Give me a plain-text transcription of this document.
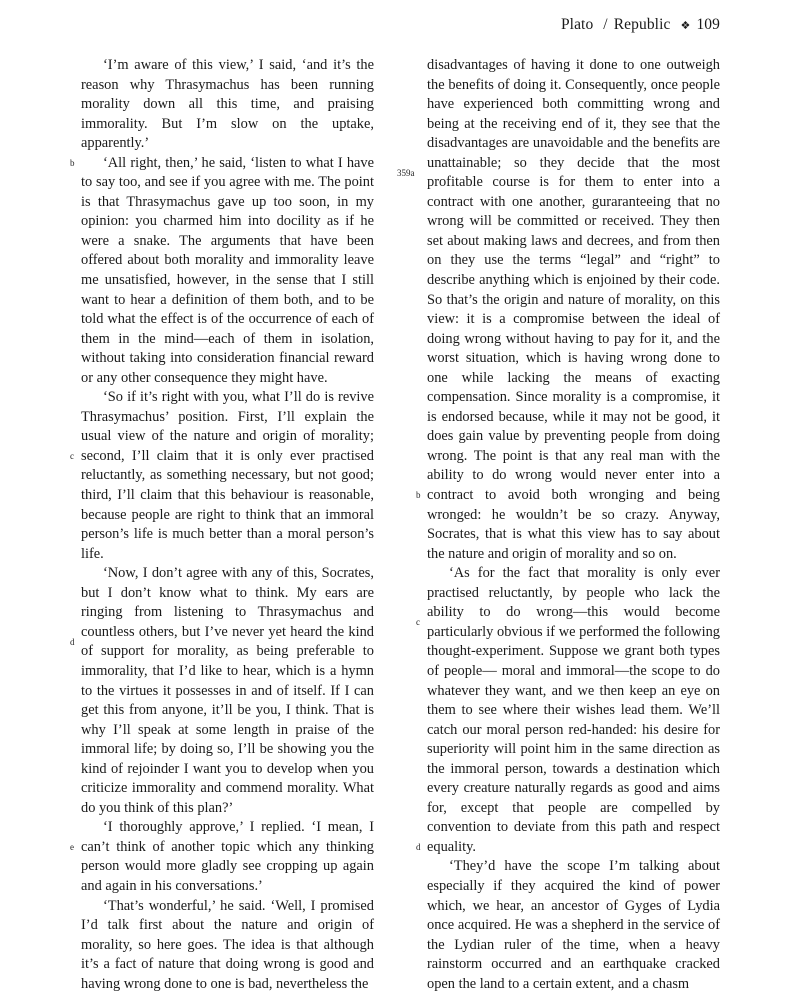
Plato / Republic ❖ 109
b
c
d
e

‘I’m aware of this view,’ I said, ‘and it’s the reason why Thrasymachus has been running morality down all this time, and praising immorality. But I’m slow on the uptake, apparently.’

‘All right, then,’ he said, ‘listen to what I have to say too, and see if you agree with me. The point is that Thrasymachus gave up too soon, in my opinion: you charmed him into docility as if he were a snake. The arguments that have been offered about both morality and immorality leave me unsatisfied, however, in the sense that I still want to hear a definition of them both, and to be told what the effect is of the occurrence of each of them in the mind—each of them in isolation, without taking into consideration financial reward or any other consequence they might have.

‘So if it’s right with you, what I’ll do is revive Thrasymachus’ position. First, I’ll explain the usual view of the nature and origin of morality; second, I’ll claim that it is only ever practised reluctantly, as something necessary, but not good; third, I’ll claim that this behaviour is reasonable, because people are right to think that an immoral person’s life is much better than a moral person’s life.

‘Now, I don’t agree with any of this, Socrates, but I don’t know what to think. My ears are ringing from listening to Thrasymachus and countless others, but I’ve never yet heard the kind of support for morality, as being preferable to immorality, that I’d like to hear, which is a hymn to the virtues it possesses in and of itself. If I can get this from anyone, it’ll be you, I think. That is why I’ll speak at some length in praise of the immoral life; by doing so, I’ll be showing you the kind of rejoinder I want you to develop when you criticize immorality and commend morality. What do you think of this plan?’

‘I thoroughly approve,’ I replied. ‘I mean, I can’t think of another topic which any thinking person would more gladly see cropping up again and again in his conversations.’

‘That’s wonderful,’ he said. ‘Well, I promised I’d talk first about the nature and origin of morality, so here goes. The idea is that although it’s a fact of nature that doing wrong is good and having wrong done to one is bad, nevertheless the

359a
b
c
d

disadvantages of having it done to one outweigh the benefits of doing it. Consequently, once people have experienced both committing wrong and being at the receiving end of it, they see that the disadvantages are unavoidable and the benefits are unattainable; so they decide that the most profitable course is for them to enter into a contract with one another, gurаranteeing that no wrong will be committed or received. They then set about making laws and decrees, and from then on they use the terms “legal” and “right” to describe anything which is enjoined by their code. So that’s the origin and nature of morality, on this view: it is a compromise between the ideal of doing wrong without having to pay for it, and the worst situation, which is having wrong done to one while lacking the means of exacting compensation. Since morality is a compromise, it is endorsed because, while it may not be good, it does gain value by preventing people from doing wrong. The point is that any real man with the ability to do wrong would never enter into a contract to avoid both wronging and being wronged: he wouldn’t be so crazy. Anyway, Socrates, that is what this view has to say about the nature and origin of morality and so on.

‘As for the fact that morality is only ever practised reluctantly, by people who lack the ability to do wrong—this would become particularly obvious if we performed the following thought-experiment. Suppose we grant both types of people— moral and immoral—the scope to do whatever they want, and we then keep an eye on them to see where their wishes lead them. We’ll catch our moral person red-handed: his desire for superiority will point him in the same direction as the immoral person, towards a destination which every creature naturally regards as good and aims for, except that people are compelled by convention to deviate from this path and respect equality.

‘They’d have the scope I’m talking about especially if they acquired the kind of power which, we hear, an ancestor of Gyges of Lydia once acquired. He was a shepherd in the service of the Lydian ruler of the time, when a heavy rainstorm occurred and an earthquake cracked open the land to a certain extent, and a chasm
